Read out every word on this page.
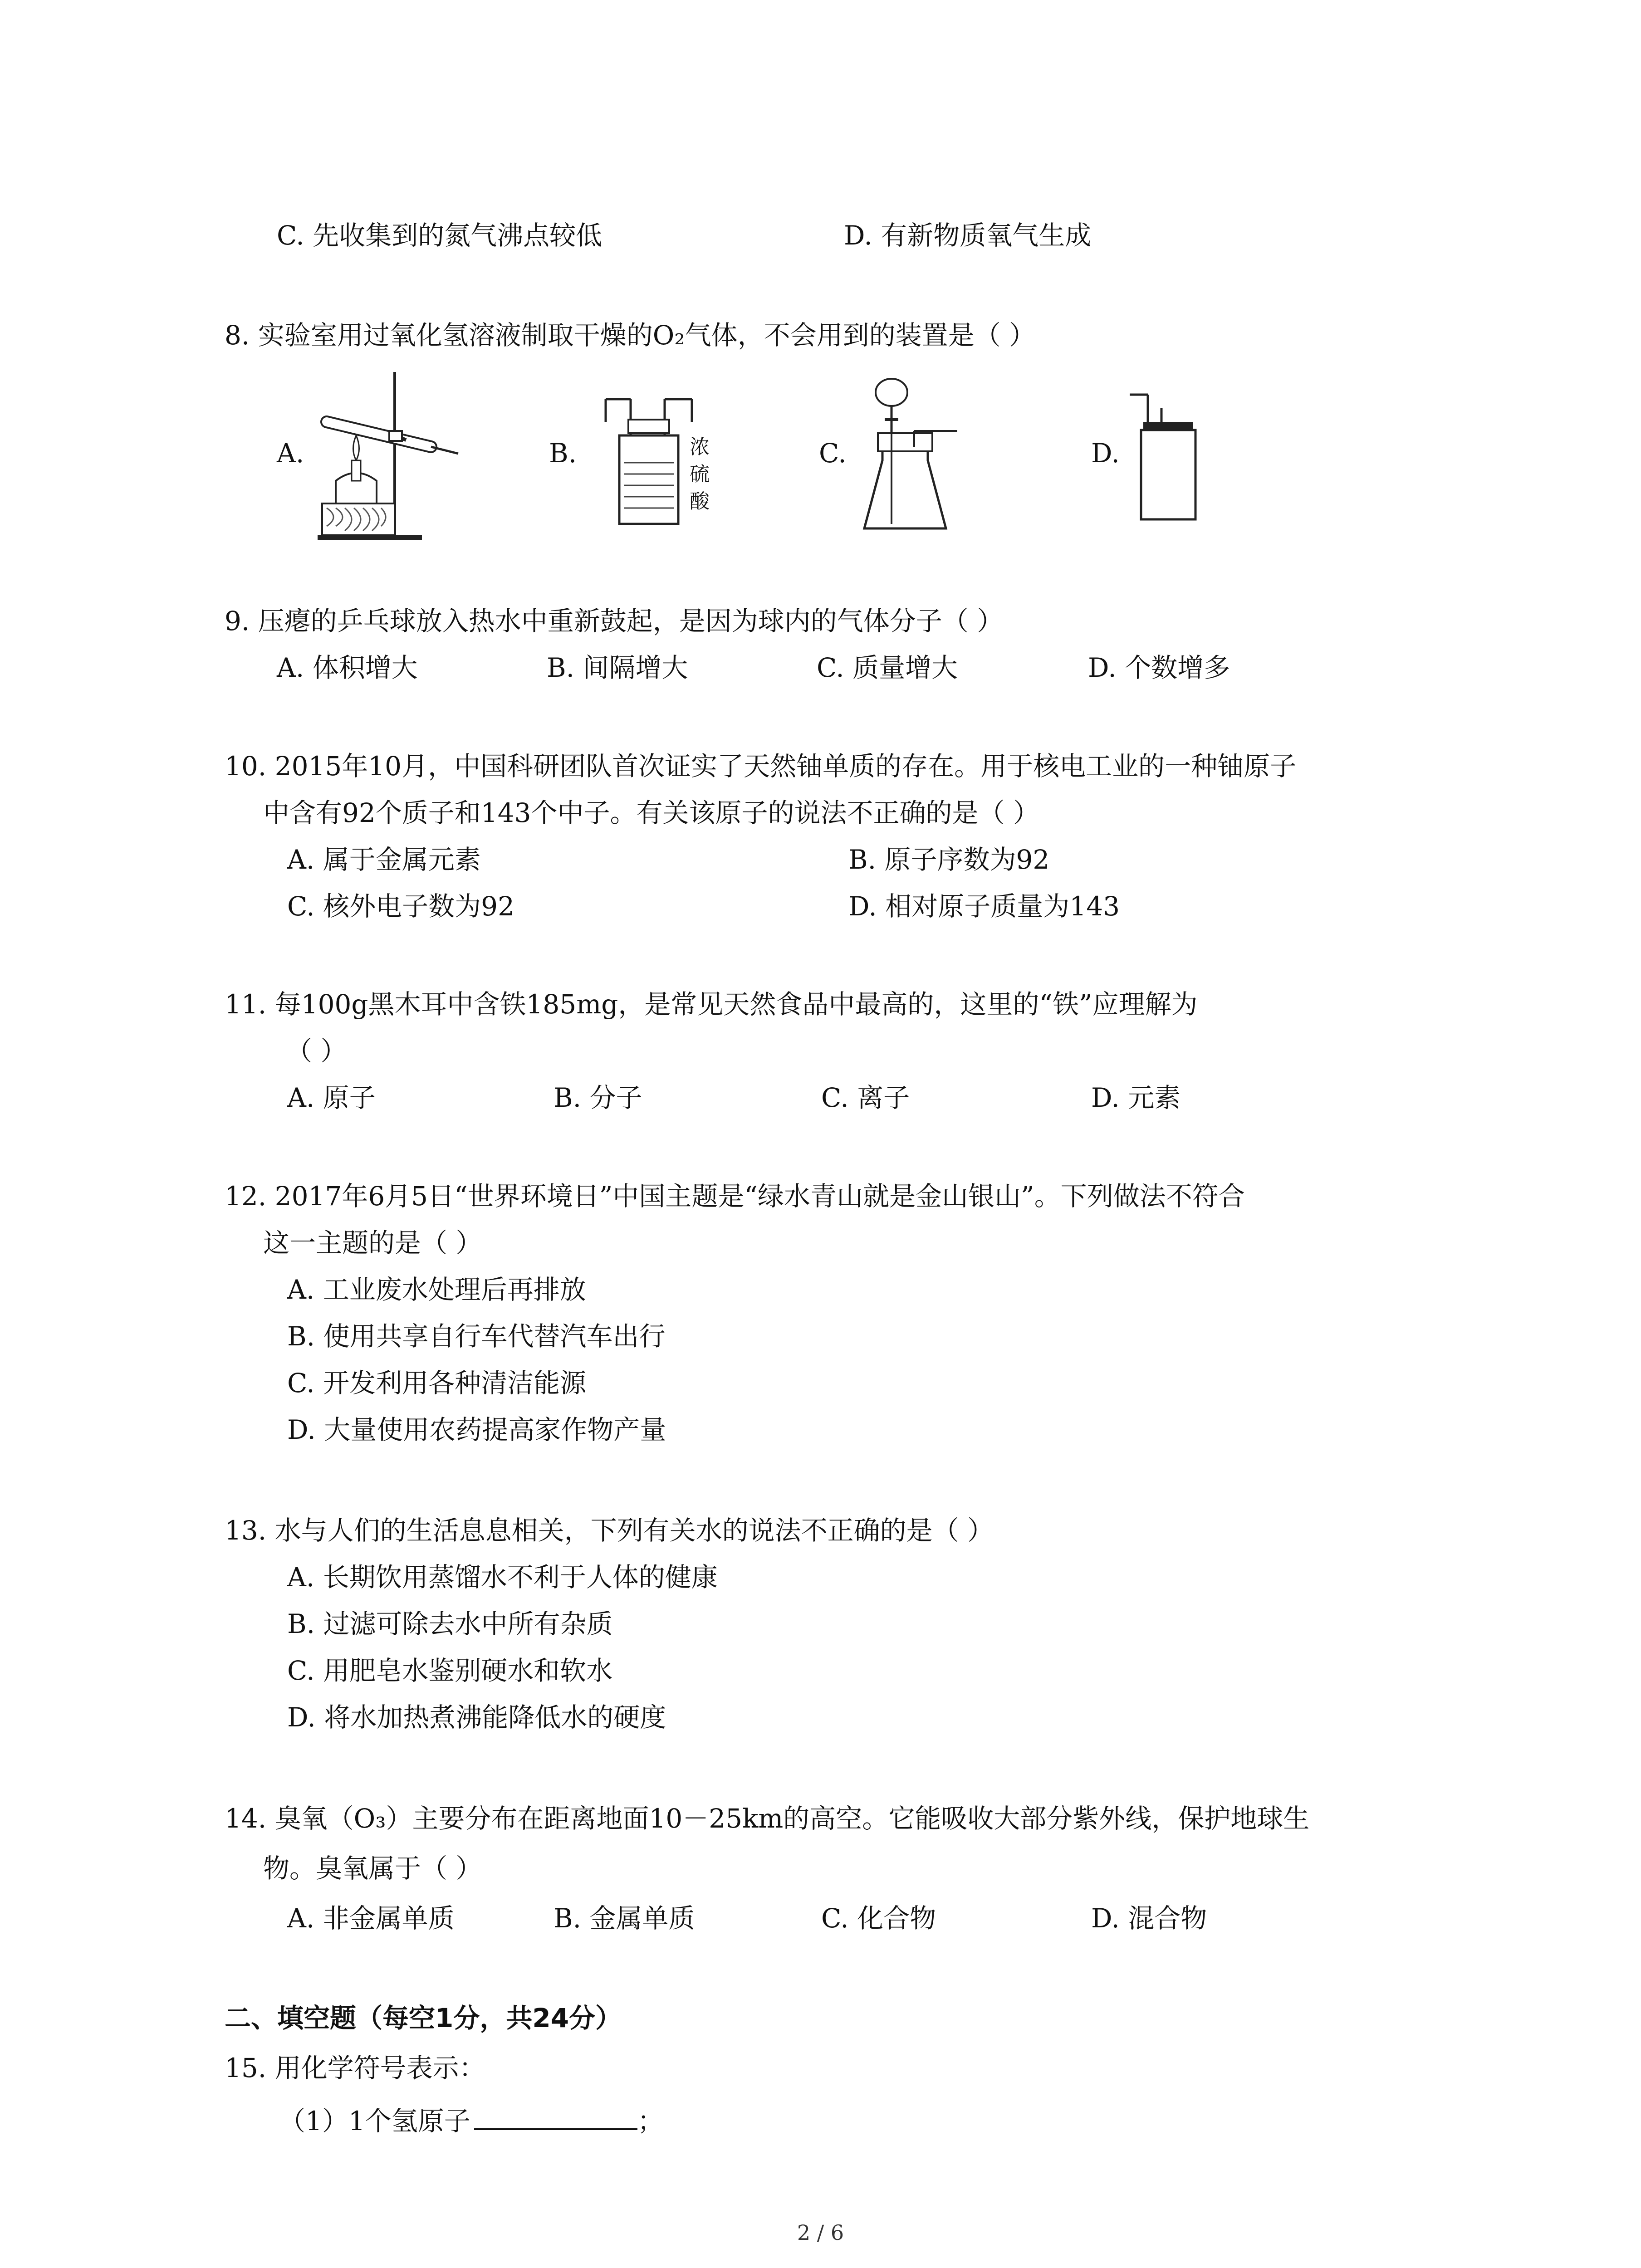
C. 先收集到的氮气沸点较低	D. 有新物质氧气生成
8. 实验室用过氧化氢溶液制取干燥的O₂气体，不会用到的装置是（ ）
A.	B.	C.	D.
浓
硫
酸
9. 压瘪的乒乓球放入热水中重新鼓起，是因为球内的气体分子（ ）
A. 体积增大	B. 间隔增大	C. 质量增大	D. 个数增多
10. 2015年10月，中国科研团队首次证实了天然铀单质的存在。用于核电工业的一种铀原子
中含有92个质子和143个中子。有关该原子的说法不正确的是（ ）
A. 属于金属元素	B. 原子序数为92
C. 核外电子数为92	D. 相对原子质量为143
11. 每100g黑木耳中含铁185mg，是常见天然食品中最高的，这里的“铁”应理解为
（ ）
A. 原子	B. 分子	C. 离子	D. 元素
12. 2017年6月5日“世界环境日”中国主题是“绿水青山就是金山银山”。下列做法不符合
这一主题的是（ ）
A. 工业废水处理后再排放
B. 使用共享自行车代替汽车出行
C. 开发利用各种清洁能源
D. 大量使用农药提高家作物产量
13. 水与人们的生活息息相关，下列有关水的说法不正确的是（ ）
A. 长期饮用蒸馏水不利于人体的健康
B. 过滤可除去水中所有杂质
C. 用肥皂水鉴别硬水和软水
D. 将水加热煮沸能降低水的硬度
14. 臭氧（O₃）主要分布在距离地面10－25km的高空。它能吸收大部分紫外线，保护地球生
物。臭氧属于（ ）
A. 非金属单质	B. 金属单质	C. 化合物	D. 混合物
二、填空题（每空1分，共24分）
15. 用化学符号表示：
（1）1个氢原子	；
2 / 6
